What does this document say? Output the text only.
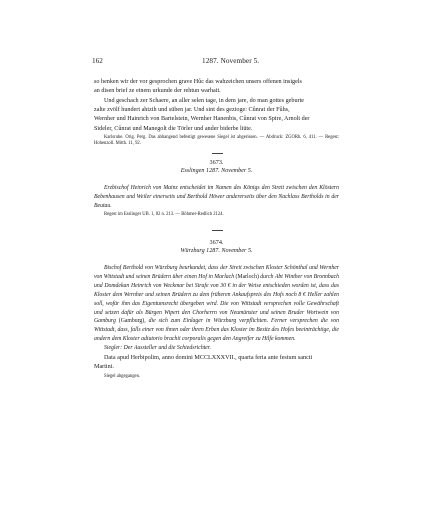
162	1287. November 5.

so henken wir der vor gesprochen grave Hůc das wahzeichen unsers offenen insigels

an disen brief ze einem urkunde der rehtun warhait.

Und geschach zer Schaere, an aller selen tage, in dem jare, do man gottes geburte

zalte zvölf hundert ahtzih und süben jar. Und sint des gezioge: Cůnrat der Fůhs,

Wernher und Hainrich von Bartelstein, Wernher Hanenbis, Cůnrat von Spire, Arnolt der

Sideler, Cůnrat und Manegolt die Törler und ander biderbe liüte.

Karlsruhe. Orig. Perg. Das abhangend befestigt gewesene Siegel ist abgerissen. — Abdruck: ZGORh. 6, 411. — Regest: Hohenzoll. Mitth. 11, 92.

3673.

Esslingen 1287. November 5.

Erzbischof Heinrich von Mainz entscheidet im Namen des Königs den Streit zwischen den Klöstern Bebenhausen und Weiler einerseits und Berthold Höwer andererseits über den Nachlass Bertholds in der Beutau.

Regest im Esslinger UB. 1, 82 n. 213. — Böhmer-Redlich 2124.

3674.

Würzburg 1287. November 5.

Bischof Berthold von Würzburg beurkundet, dass der Streit zwischen Kloster Schönthal und Wernher von Wittstadt und seinen Brüdern über einen Hof in Marlach (Marloch) durch Abt Winther von Bronnbach und Domdekan Heinrich von Weckmar bei Strafe von 30 € in der Weise entschieden worden ist, dass das Kloster dem Wernher und seinen Brüdern zu dem früheren Ankaufspreis des Hofs noch 8 € Heller zahlen soll, wofür ihm das Eigentumsrecht übergeben wird. Die von Wittstadt versprechen volle Gewährschaft und setzen dafür als Bürgen Wipert den Chorherrn von Neumünster und seinen Bruder Wortwein von Gamburg (Gamburg), die sich zum Einlager in Würzburg verpflichten. Ferner versprechen die von Wittstadt, dass, falls einer von ihnen oder ihren Erben das Kloster im Besitz des Hofes beeinträchtige, die andern dem Kloster adiutorio brachii corporalis gegen den Angreifer zu Hilfe kommen.

Siegler: Der Aussteller und die Schiedsrichter.

Data apud Herbipolim, anno domini MCCLXXXVII., quarta feria ante festum sancti

Martini.

Siegel abgegangen.
